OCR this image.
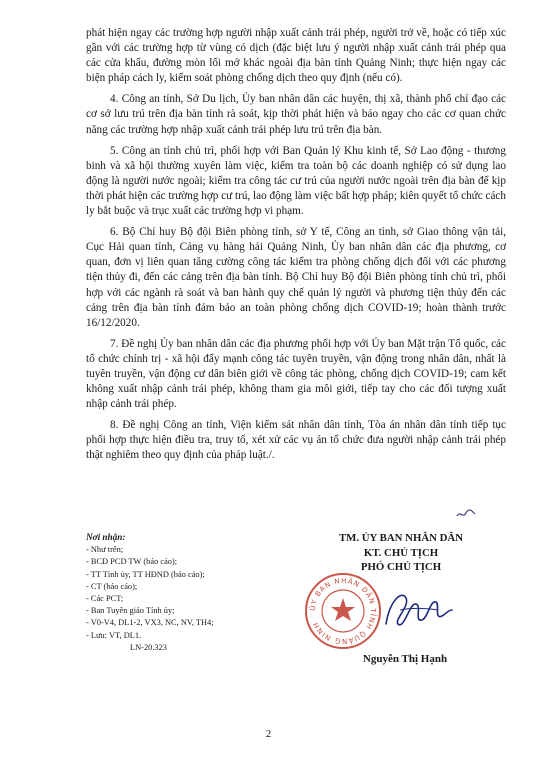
phát hiện ngay các trường hợp người nhập xuất cảnh trái phép, người trở về, hoặc có tiếp xúc gần với các trường hợp từ vùng có dịch (đặc biệt lưu ý người nhập xuất cảnh trái phép qua các cửa khẩu, đường mòn lối mở khác ngoài địa bàn tỉnh Quảng Ninh; thực hiện ngay các biện pháp cách ly, kiểm soát phòng chống dịch theo quy định (nếu có).

4. Công an tỉnh, Sở Du lịch, Ủy ban nhân dân các huyện, thị xã, thành phố chỉ đạo các cơ sở lưu trú trên địa bàn tỉnh rà soát, kịp thời phát hiện và báo ngay cho các cơ quan chức năng các trường hợp nhập xuất cảnh trái phép lưu trú trên địa bàn.

5. Công an tỉnh chủ trì, phối hợp với Ban Quản lý Khu kinh tế, Sở Lao động - thương binh và xã hội thường xuyên làm việc, kiểm tra toàn bộ các doanh nghiệp có sử dụng lao động là người nước ngoài; kiểm tra công tác cư trú của người nước ngoài trên địa bàn để kịp thời phát hiện các trường hợp cư trú, lao động làm việc bất hợp pháp; kiên quyết tổ chức cách ly bắt buộc và trục xuất các trường hợp vi phạm.

6. Bộ Chỉ huy Bộ đội Biên phòng tỉnh, sở Y tế, Công an tỉnh, sở Giao thông vận tải, Cục Hải quan tỉnh, Cảng vụ hàng hải Quảng Ninh, Ủy ban nhân dân các địa phương, cơ quan, đơn vị liên quan tăng cường công tác kiểm tra phòng chống dịch đối với các phương tiện thủy đi, đến các cảng trên địa bàn tỉnh. Bộ Chỉ huy Bộ đội Biên phòng tỉnh chủ trì, phối hợp với các ngành rà soát và ban hành quy chế quản lý người và phương tiện thủy đến các cảng trên địa bàn tỉnh đảm bảo an toàn phòng chống dịch COVID-19; hoàn thành trước 16/12/2020.

7. Đề nghị Ủy ban nhân dân các địa phương phối hợp với Ủy ban Mặt trận Tổ quốc, các tổ chức chính trị - xã hội đẩy mạnh công tác tuyên truyền, vận động trong nhân dân, nhất là tuyên truyền, vận động cư dân biên giới về công tác phòng, chống dịch COVID-19; cam kết không xuất nhập cảnh trái phép, không tham gia môi giới, tiếp tay cho các đối tượng xuất nhập cảnh trái phép.

8. Đề nghị Công an tỉnh, Viện kiểm sát nhân dân tỉnh, Tòa án nhân dân tỉnh tiếp tục phối hợp thực hiện điều tra, truy tố, xét xử các vụ án tổ chức đưa người nhập cảnh trái phép thật nghiêm theo quy định của pháp luật./.

Nơi nhận:
- Như trên;
- BCĐ PCD TW (báo cáo);
- TT Tỉnh ủy, TT HĐND (báo cáo);
- CT (báo cáo);
- Các PCT;
- Ban Tuyên giáo Tỉnh ủy;
- V0-V4, DL1-2, VX3, NC, NV, TH4;
- Lưu: VT, DL1.
LN-20.323
TM. ỦY BAN NHÂN DÂN
KT. CHỦ TỊCH
PHÓ CHỦ TỊCH
ỦY BAN NHÂN DÂN TỈNH QUẢNG NINH
Nguyễn Thị Hạnh
2
